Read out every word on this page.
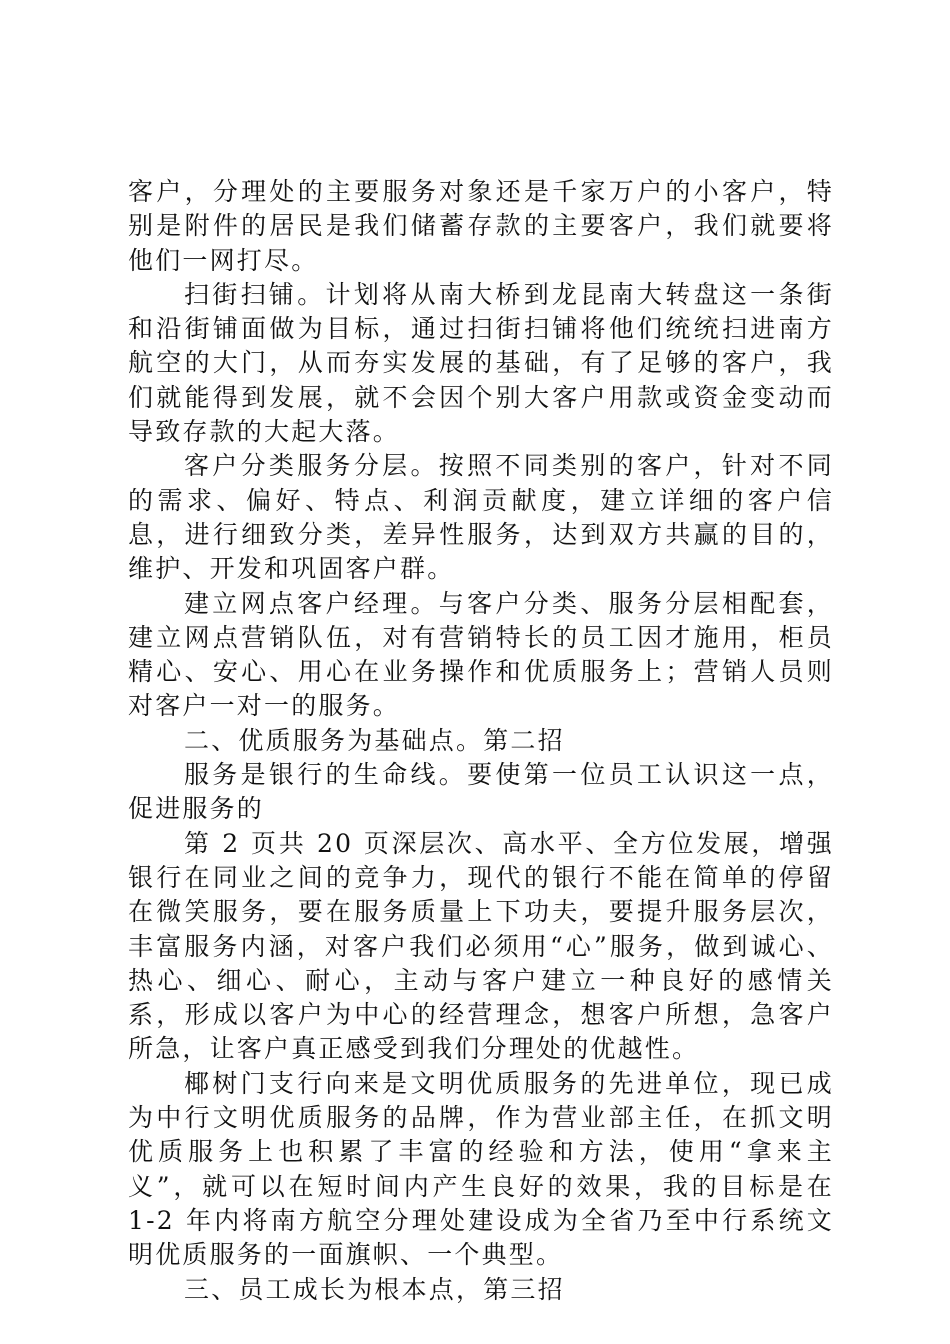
客户，分理处的主要服务对象还是千家万户的小客户，特别是附件的居民是我们储蓄存款的主要客户，我们就要将他们一网打尽。

扫街扫铺。计划将从南大桥到龙昆南大转盘这一条街和沿街铺面做为目标，通过扫街扫铺将他们统统扫进南方航空的大门，从而夯实发展的基础，有了足够的客户，我们就能得到发展，就不会因个别大客户用款或资金变动而导致存款的大起大落。

客户分类服务分层。按照不同类别的客户，针对不同的需求、偏好、特点、利润贡献度，建立详细的客户信息，进行细致分类，差异性服务，达到双方共赢的目的，维护、开发和巩固客户群。

建立网点客户经理。与客户分类、服务分层相配套，建立网点营销队伍，对有营销特长的员工因才施用，柜员精心、安心、用心在业务操作和优质服务上；营销人员则对客户一对一的服务。

二、优质服务为基础点。第二招

服务是银行的生命线。要使第一位员工认识这一点，促进服务的

第 2 页共 20 页深层次、高水平、全方位发展，增强银行在同业之间的竞争力，现代的银行不能在简单的停留在微笑服务，要在服务质量上下功夫，要提升服务层次，丰富服务内涵，对客户我们必须用“心”服务，做到诚心、热心、细心、耐心，主动与客户建立一种良好的感情关系，形成以客户为中心的经营理念，想客户所想，急客户所急，让客户真正感受到我们分理处的优越性。

椰树门支行向来是文明优质服务的先进单位，现已成为中行文明优质服务的品牌，作为营业部主任，在抓文明优质服务上也积累了丰富的经验和方法，使用“拿来主义”，就可以在短时间内产生良好的效果，我的目标是在 1-2 年内将南方航空分理处建设成为全省乃至中行系统文明优质服务的一面旗帜、一个典型。

三、员工成长为根本点，第三招
